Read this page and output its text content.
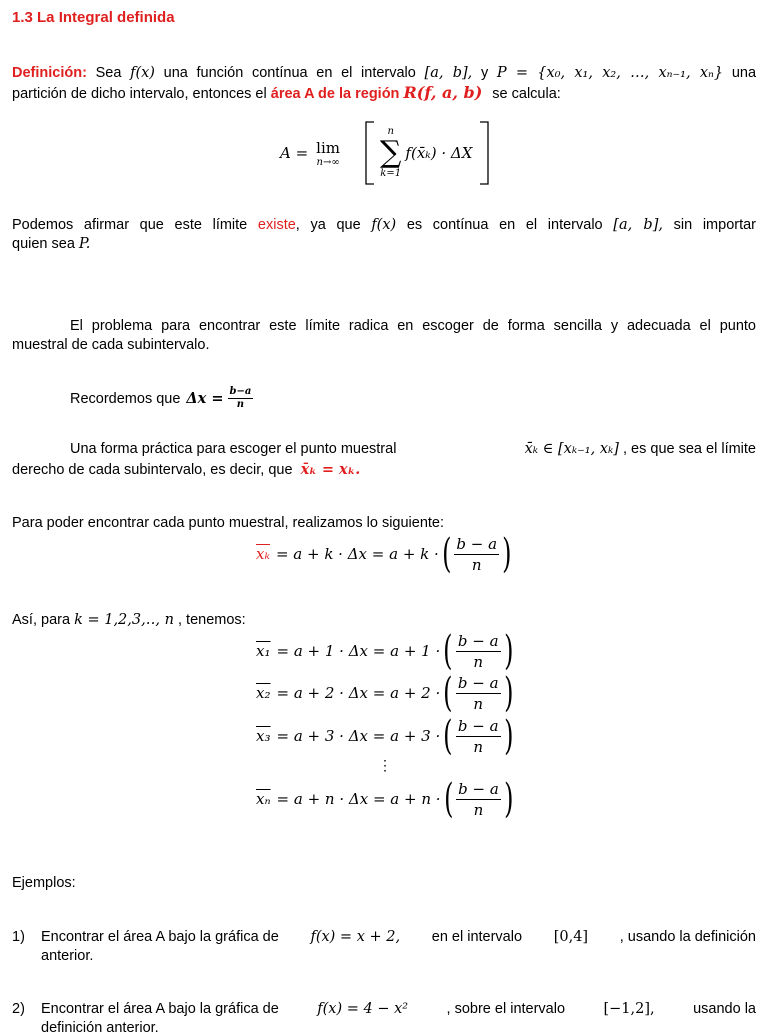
1.3 La Integral definida
Definición: Sea f(x) una función contínua en el intervalo [a, b], y P = {x₀, x₁, x₂, …, xₙ₋₁, xₙ} una
partición de dicho intervalo, entonces el área A de la región R(f, a, b) se calcula:
A = lim
n→∞
n
∑
k=1
f(x̄ₖ) · ΔX
Podemos afirmar que este límite existe, ya que f(x) es contínua en el intervalo [a, b], sin importar
quien sea P.
El problema para encontrar este límite radica en escoger de forma sencilla y adecuada el punto
muestral de cada subintervalo.
Recordemos que $\Delta x = \frac{b-a}{n}$
Una forma práctica para escoger el punto muestral	x̄ₖ ∈ [xₖ₋₁, xₖ] , es que sea el límite
derecho de cada subintervalo, es decir, que x̄ₖ = xₖ.
Para poder encontrar cada punto muestral, realizamos lo siguiente:
$\overline{x_k} = a + k \cdot \Delta x = a + k$ · ( $\frac{b - a}{n}$ )
Así, para k = 1,2,3,‥, n , tenemos:
x₁ = a + 1 · Δx = a + 1 · ( $\frac{b - a}{n}$ )
x₂ = a + 2 · Δx = a + 2 · ( $\frac{b - a}{n}$ )
x₃ = a + 3 · Δx = a + 3 · ( $\frac{b - a}{n}$ )
⋮
$\overline{x_n} = a + n \cdot \Delta x = a + n$ · ( $\frac{b - a}{n}$ )
Ejemplos:
1) Encontrar el área A bajo la gráfica de f(x) = x + 2, en el intervalo [0,4] , usando la definición
anterior.
2) Encontrar el área A bajo la gráfica de	f(x) = 4 − x²	, sobre el intervalo	[−1,2],	usando la
definición anterior.
